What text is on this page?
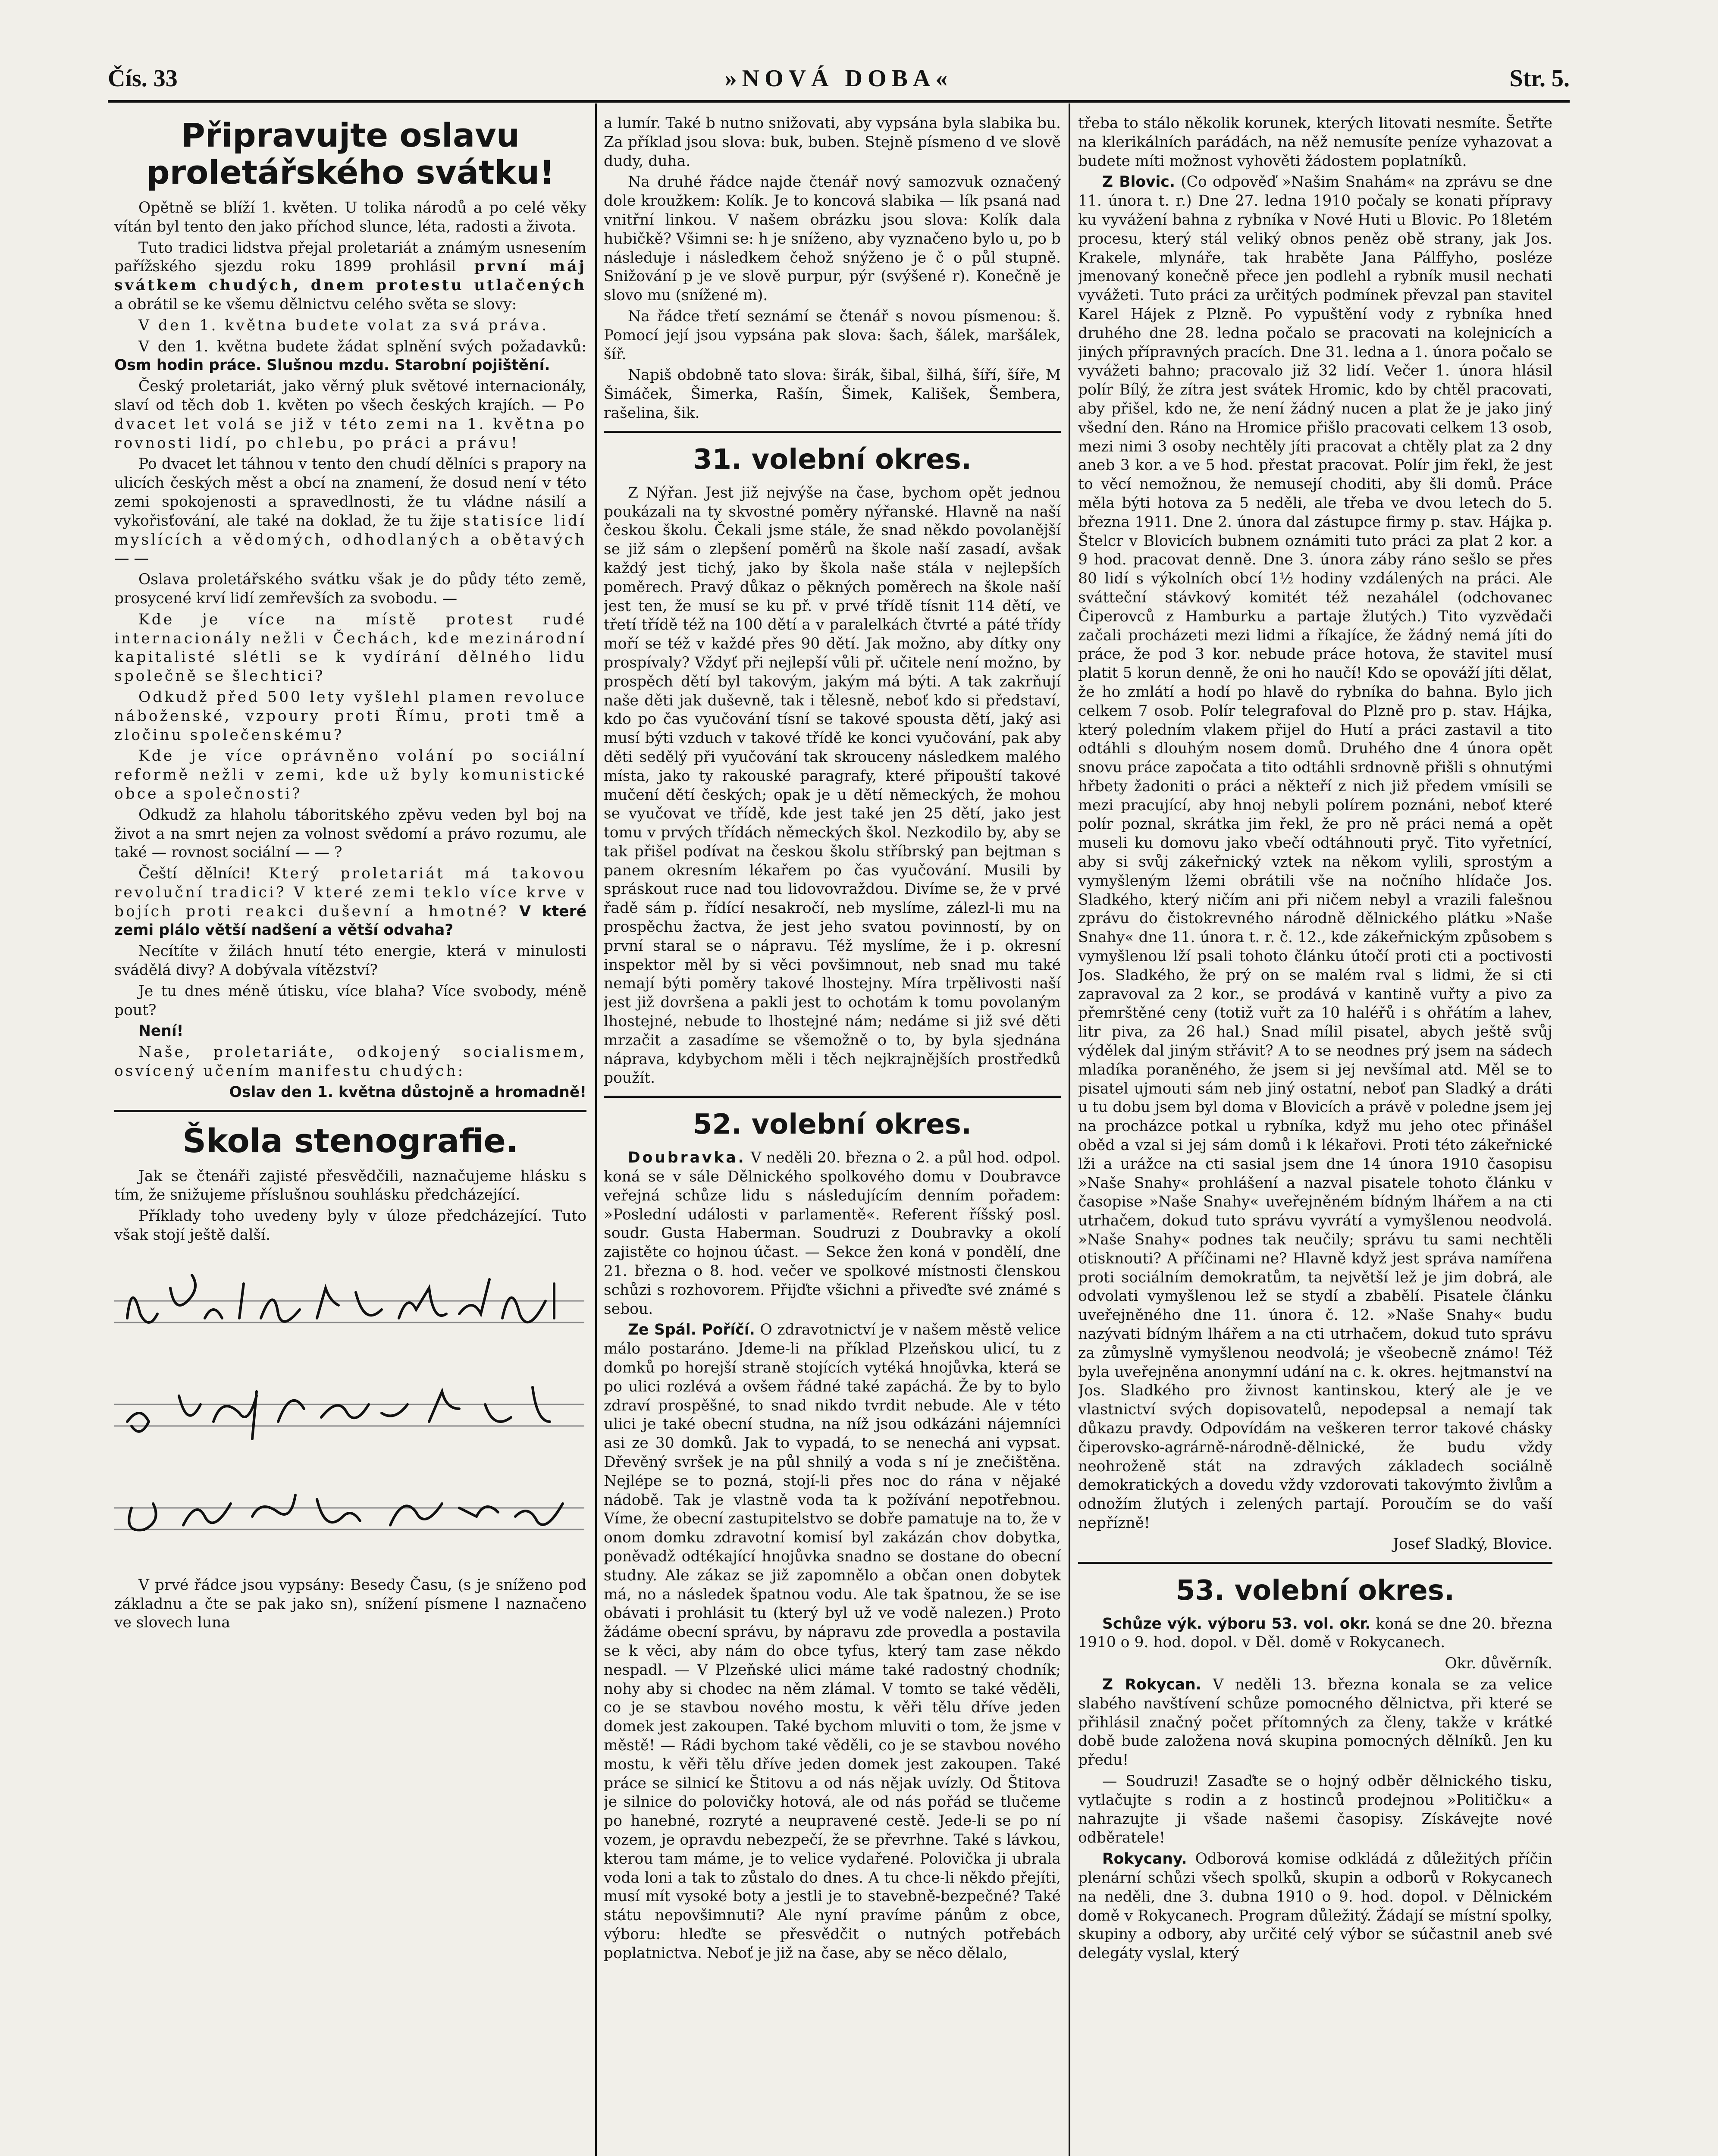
Čís. 33	»NOVÁ DOBA«	Str. 5.
Připravujte oslavu proletářského svátku!

Opětně se blíží 1. květen. U tolika národů a po celé věky vítán byl tento den jako příchod slunce, léta, radosti a života.

Tuto tradici lidstva přejal proletariát a známým usnesením pařížského sjezdu roku 1899 prohlásil první máj svátkem chudých, dnem protestu utlačených a obrátil se ke všemu dělnictvu celého světa se slovy:

V den 1. května budete volat za svá práva.

V den 1. května budete žádat splnění svých požadavků: Osm hodin práce. Slušnou mzdu. Starobní pojištění.

Český proletariát, jako věrný pluk světové internacionály, slaví od těch dob 1. květen po všech českých krajích. — Po dvacet let volá se již v této zemi na 1. května po rovnosti lidí, po chlebu, po práci a právu!

Po dvacet let táhnou v tento den chudí dělníci s prapory na ulicích českých měst a obcí na znamení, že dosud není v této zemi spokojenosti a spravedlnosti, že tu vládne násilí a vykořisťování, ale také na doklad, že tu žije statisíce lidí myslících a vědomých, odhodlaných a obětavých — —

Oslava proletářského svátku však je do půdy této země, prosycené krví lidí zemřevších za svobodu. —

Kde je více na místě protest rudé internacionály nežli v Čechách, kde mezinárodní kapitalisté slétli se k vydírání dělného lidu společně se šlechtici?

Odkudž před 500 lety vyšlehl plamen revoluce náboženské, vzpoury proti Římu, proti tmě a zločinu společenskému?

Kde je více oprávněno volání po sociální reformě nežli v zemi, kde už byly komunistické obce a společnosti?

Odkudž za hlaholu táboritského zpěvu veden byl boj na život a na smrt nejen za volnost svědomí a právo rozumu, ale také — rovnost sociální — — ?

Čeští dělníci! Který proletariát má takovou revoluční tradici? V které zemi teklo více krve v bojích proti reakci duševní a hmotné? V které zemi plálo větší nadšení a větší odvaha?

Necítíte v žilách hnutí této energie, která v minulosti svádělá divy? A dobývala vítězství?

Je tu dnes méně útisku, více blaha? Více svobody, méně pout?

Není!

Naše, proletariáte, odkojený socialismem, osvícený učením manifestu chudých:

Oslav den 1. května důstojně a hromadně!

Škola stenografie.

Jak se čtenáři zajisté přesvědčili, naznačujeme hlásku s tím, že snižujeme příslušnou souhlásku předcházející.

Příklady toho uvedeny byly v úloze předcházející. Tuto však stojí ještě další.

V prvé řádce jsou vypsány: Besedy Času, (s je sníženo pod základnu a čte se pak jako sn), snížení písmene l naznačeno ve slovech luna

a lumír. Také b nutno snižovati, aby vypsána byla slabika bu. Za příklad jsou slova: buk, buben. Stejně písmeno d ve slově dudy, duha.

Na druhé řádce najde čtenář nový samozvuk označený dole kroužkem: Kolík. Je to koncová slabika — lík psaná nad vnitřní linkou. V našem obrázku jsou slova: Kolík dala hubičkě? Všimni se: h je sníženo, aby vyznačeno bylo u, po b následuje i následkem čehož snýženo je č o půl stupně. Snižování p je ve slově purpur, pýr (svýšené r). Konečně je slovo mu (snížené m).

Na řádce třetí seznámí se čtenář s novou písmenou: š. Pomocí její jsou vypsána pak slova: šach, šálek, maršálek, šíř.

Napiš obdobně tato slova: širák, šibal, šilhá, šíří, šíře, M Šimáček, Šimerka, Rašín, Šimek, Kališek, Šembera, rašelina, šik.

31. volební okres.

Z Nýřan. Jest již nejvýše na čase, bychom opět jednou poukázali na ty skvostné poměry nýřanské. Hlavně na naší českou školu. Čekali jsme stále, že snad někdo povolanější se již sám o zlepšení poměrů na škole naší zasadí, avšak každý jest tichý, jako by škola naše stála v nejlepších poměrech. Pravý důkaz o pěkných poměrech na škole naší jest ten, že musí se ku př. v prvé třídě tísnit 114 dětí, ve třetí třídě též na 100 dětí a v paralelkách čtvrté a páté třídy moří se též v každé přes 90 dětí. Jak možno, aby dítky ony prospívaly? Vždyť při nejlepší vůli př. učitele není možno, by prospěch dětí byl takovým, jakým má býti. A tak zakrňují naše děti jak duševně, tak i tělesně, neboť kdo si představí, kdo po čas vyučování tísní se takové spousta dětí, jaký asi musí býti vzduch v takové třídě ke konci vyučování, pak aby děti sedělý při vyučování tak skrouceny následkem malého místa, jako ty rakouské paragrafy, které připouští takové mučení dětí českých; opak je u dětí německých, že mohou se vyučovat ve třídě, kde jest také jen 25 dětí, jako jest tomu v prvých třídách německých škol. Nezkodilo by, aby se tak přišel podívat na českou školu stříbrský pan bejtman s panem okresním lékařem po čas vyučování. Musili by spráskout ruce nad tou lidovovraždou. Divíme se, že v prvé řadě sám p. řídící nesakročí, neb myslíme, zálezl-li mu na prospěchu žactva, že jest jeho svatou povinností, by on první staral se o nápravu. Též myslíme, že i p. okresní inspektor měl by si věci povšimnout, neb snad mu také nemají býti poměry takové lhostejny. Míra trpělivosti naší jest již dovršena a pakli jest to ochotám k tomu povolaným lhostejné, nebude to lhostejné nám; nedáme si již své děti mrzačit a zasadíme se všemožně o to, by byla sjednána náprava, kdybychom měli i těch nejkrajnějších prostředků použít.

52. volební okres.

Doubravka. V neděli 20. března o 2. a půl hod. odpol. koná se v sále Dělnického spolkového domu v Doubravce veřejná schůze lidu s následujícím denním pořadem: »Poslední události v parlamentě«. Referent říšský posl. soudr. Gusta Haberman. Soudruzi z Doubravky a okolí zajistěte co hojnou účast. — Sekce žen koná v pondělí, dne 21. března o 8. hod. večer ve spolkové místnosti členskou schůzi s rozhovorem. Přijďte všichni a přiveďte své známé s sebou.

Ze Spál. Poříčí. O zdravotnictví je v našem městě velice málo postaráno. Jdeme-li na příklad Plzeňskou ulicí, tu z domků po horejší straně stojících vytéká hnojůvka, která se po ulici rozlévá a ovšem řádné také zapáchá. Že by to bylo zdraví prospěšné, to snad nikdo tvrdit nebude. Ale v této ulici je také obecní studna, na níž jsou odkázáni nájemníci asi ze 30 domků. Jak to vypadá, to se nenechá ani vypsat. Dřevěný svršek je na půl shnilý a voda s ní je znečištěna. Nejlépe se to pozná, stojí-li přes noc do rána v nějaké nádobě. Tak je vlastně voda ta k požívání nepotřebnou. Víme, že obecní zastupitelstvo se dobře pamatuje na to, že v onom domku zdravotní komisí byl zakázán chov dobytka, poněvadž odtékající hnojůvka snadno se dostane do obecní studny. Ale zákaz se již zapomnělo a občan onen dobytek má, no a následek špatnou vodu. Ale tak špatnou, že se ise obávati i prohlásit tu (který byl už ve vodě nalezen.) Proto žádáme obecní správu, by nápravu zde provedla a postavila se k věci, aby nám do obce tyfus, který tam zase někdo nespadl. — V Plzeňské ulici máme také radostný chodník; nohy aby si chodec na něm zlámal. V tomto se také věděli, co je se stavbou nového mostu, k věři tělu dříve jeden domek jest zakoupen. Také bychom mluviti o tom, že jsme v městě! — Rádi bychom také věděli, co je se stavbou nového mostu, k věři tělu dříve jeden domek jest zakoupen. Také práce se silnicí ke Štitovu a od nás nějak uvízly. Od Štitova je silnice do polovičky hotová, ale od nás pořád se tlučeme po hanebné, rozryté a neupravené cestě. Jede-li se po ní vozem, je opravdu nebezpečí, že se převrhne. Také s lávkou, kterou tam máme, je to velice vydařené. Polovička ji ubrala voda loni a tak to zůstalo do dnes. A tu chce-li někdo přejíti, musí mít vysoké boty a jestli je to stavebně-bezpečné? Také státu nepovšimnuti? Ale nyní pravíme pánům z obce, výboru: hleďte se přesvědčit o nutných potřebách poplatnictva. Neboť je již na čase, aby se něco dělalo,

třeba to stálo několik korunek, kterých litovati nesmíte. Šetřte na klerikálních parádách, na něž nemusíte peníze vyhazovat a budete míti možnost vyhověti žádostem poplatníků.

Z Blovic. (Co odpověď »Našim Snahám« na zprávu se dne 11. února t. r.) Dne 27. ledna 1910 počaly se konati přípravy ku vyvážení bahna z rybníka v Nové Huti u Blovic. Po 18letém procesu, který stál veliký obnos peněz obě strany, jak Jos. Krakele, mlynáře, tak hraběte Jana Pálffyho, posléze jmenovaný konečně přece jen podlehl a rybník musil nechati vyvážeti. Tuto práci za určitých podmínek převzal pan stavitel Karel Hájek z Plzně. Po vypuštění vody z rybníka hned druhého dne 28. ledna počalo se pracovati na kolejnicích a jiných přípravných pracích. Dne 31. ledna a 1. února počalo se vyvážeti bahno; pracovalo již 32 lidí. Večer 1. února hlásil polír Bílý, že zítra jest svátek Hromic, kdo by chtěl pracovati, aby přišel, kdo ne, že není žádný nucen a plat že je jako jiný všední den. Ráno na Hromice přišlo pracovati celkem 13 osob, mezi nimi 3 osoby nechtěly jíti pracovat a chtěly plat za 2 dny aneb 3 kor. a ve 5 hod. přestat pracovat. Polír jim řekl, že jest to věcí nemožnou, že nemusejí choditi, aby šli domů. Práce měla býti hotova za 5 neděli, ale třeba ve dvou letech do 5. března 1911. Dne 2. února dal zástupce firmy p. stav. Hájka p. Štelcr v Blovicích bubnem oznámiti tuto práci za plat 2 kor. a 9 hod. pracovat denně. Dne 3. února záby ráno sešlo se přes 80 lidí s výkolních obcí 1½ hodiny vzdálených na práci. Ale svátteční stávkový komitét též nezahálel (odchovanec Čiperovců z Hamburku a partaje žlutých.) Tito vyzvědači začali procházeti mezi lidmi a říkajíce, že žádný nemá jíti do práce, že pod 3 kor. nebude práce hotova, že stavitel musí platit 5 korun denně, že oni ho naučí! Kdo se opováží jíti dělat, že ho zmlátí a hodí po hlavě do rybníka do bahna. Bylo jich celkem 7 osob. Polír telegrafoval do Plzně pro p. stav. Hájka, který poledním vlakem přijel do Hutí a práci zastavil a tito odtáhli s dlouhým nosem domů. Druhého dne 4 února opět snovu práce započata a tito odtáhli srdnovně přišli s ohnutými hřbety žadoniti o práci a někteří z nich již předem vmísili se mezi pracující, aby hnoj nebyli polírem poznáni, neboť které polír poznal, skrátka jim řekl, že pro ně práci nemá a opět museli ku domovu jako vbečí odtáhnouti pryč. Tito vyřetnící, aby si svůj zákeřnický vztek na někom vylili, sprostým a vymyšleným lžemi obrátili vše na nočního hlídače Jos. Sladkého, který ničím ani při ničem nebyl a vrazili falešnou zprávu do čistokrevného národně dělnického plátku »Naše Snahy« dne 11. února t. r. č. 12., kde zákeřnickým způsobem s vymyšlenou lží psali tohoto článku útočí proti cti a poctivosti Jos. Sladkého, že prý on se malém rval s lidmi, že si cti zapravoval za 2 kor., se prodává v kantině vuřty a pivo za přemrštěné ceny (totiž vuřt za 10 haléřů i s ohřátím a lahev, litr piva, za 26 hal.) Snad mílil pisatel, abych ještě svůj výdělek dal jiným střávit? A to se neodnes prý jsem na sádech mladíka poraněného, že jsem si jej nevšímal atd. Měl se to pisatel ujmouti sám neb jiný ostatní, neboť pan Sladký a dráti u tu dobu jsem byl doma v Blovicích a právě v poledne jsem jej na procházce potkal u rybníka, když mu jeho otec přinášel oběd a vzal si jej sám domů i k lékařovi. Proti této zákeřnické lži a urážce na cti sasial jsem dne 14 února 1910 časopisu »Naše Snahy« prohlášení a nazval pisatele tohoto článku v časopise »Naše Snahy« uveřejněném bídným lhářem a na cti utrhačem, dokud tuto správu vyvrátí a vymyšlenou neodvolá. »Naše Snahy« podnes tak neučily; správu tu sami nechtěli otisknouti? A příčinami ne? Hlavně když jest správa namířena proti sociálním demokratům, ta největší lež je jim dobrá, ale odvolati vymyšlenou lež se stydí a zbabělí. Pisatele článku uveřejněného dne 11. února č. 12. »Naše Snahy« budu nazývati bídným lhářem a na cti utrhačem, dokud tuto správu za zůmyslně vymyšlenou neodvolá; je všeobecně známo! Též byla uveřejněna anonymní udání na c. k. okres. hejtmanství na Jos. Sladkého pro živnost kantinskou, který ale je ve vlastnictví svých dopisovatelů, nepodepsal a nemají tak důkazu pravdy. Odpovídám na veškeren terror takové chásky čiperovsko-agrárně-národně-dělnické, že budu vždy neohroženě stát na zdravých základech sociálně demokratických a dovedu vždy vzdorovati takovýmto živlům a odnožím žlutých i zelených partají. Poroučím se do vaší nepřízně!

Josef Sladký, Blovice.

53. volební okres.

Schůze výk. výboru 53. vol. okr. koná se dne 20. března 1910 o 9. hod. dopol. v Děl. domě v Rokycanech.

Okr. důvěrník.

Z Rokycan. V neděli 13. března konala se za velice slabého navštívení schůze pomocného dělnictva, při které se přihlásil značný počet přítomných za členy, takže v krátké době bude založena nová skupina pomocných dělníků. Jen ku předu!

— Soudruzi! Zasaďte se o hojný odběr dělnického tisku, vytlačujte s rodin a z hostinců prodejnou »Političku« a nahrazujte ji všade našemi časopisy. Získávejte nové odběratele!

Rokycany. Odborová komise odkládá z důležitých příčin plenární schůzi všech spolků, skupin a odborů v Rokycanech na neděli, dne 3. dubna 1910 o 9. hod. dopol. v Dělnickém domě v Rokycanech. Program důležitý. Žádají se místní spolky, skupiny a odbory, aby určité celý výbor se súčastnil aneb své delegáty vyslal, který
